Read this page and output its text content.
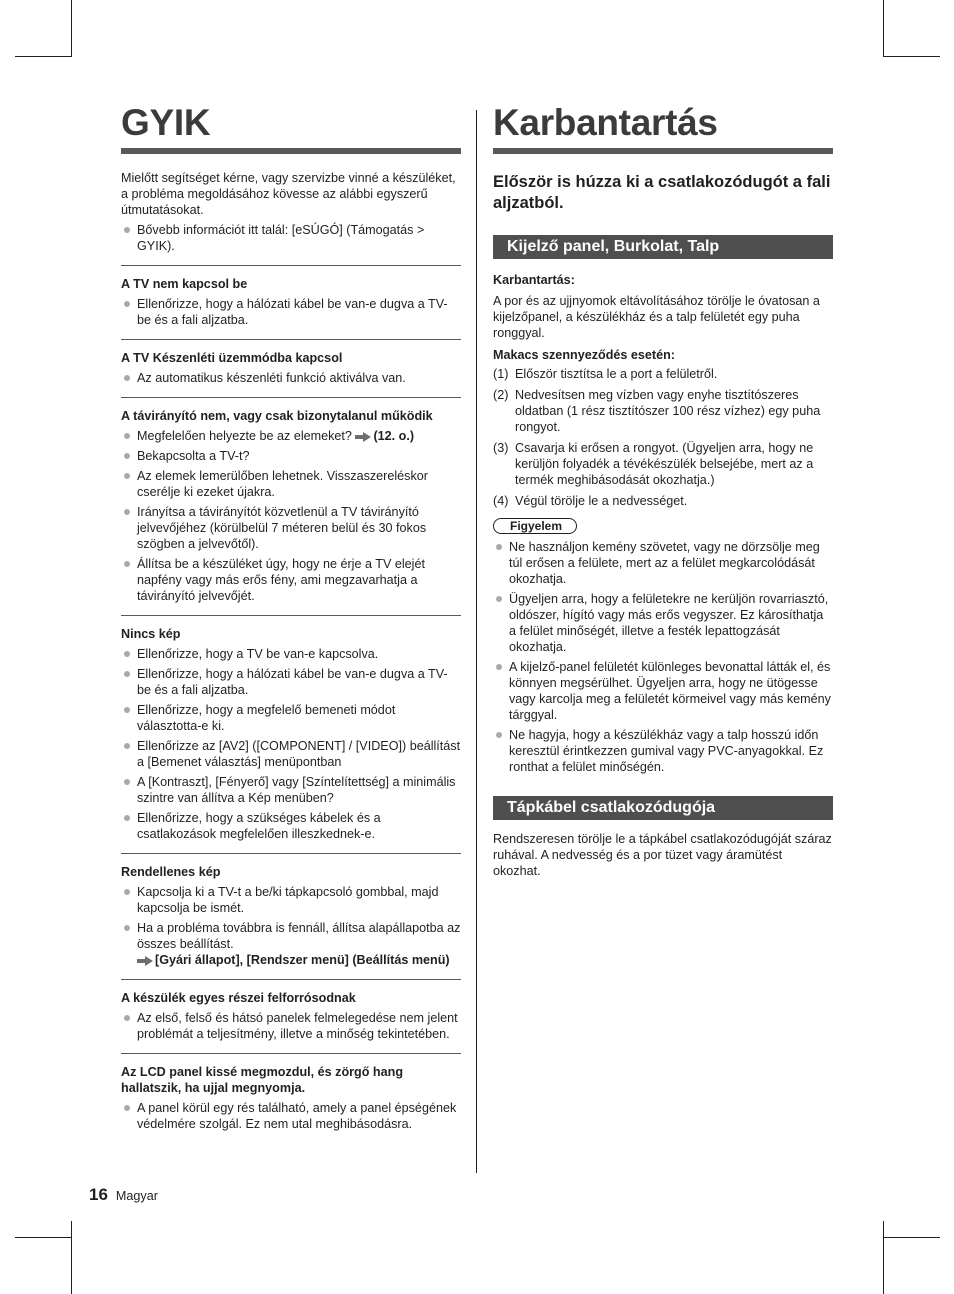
GYIK

Mielőtt segítséget kérne, vagy szervizbe vinné a készüléket, a probléma megoldásához kövesse az alábbi egyszerű útmutatásokat.

Bővebb információt itt talál: [eSÚGÓ] (Támogatás > GYIK).
A TV nem kapcsol be
Ellenőrizze, hogy a hálózati kábel be van-e dugva a TV-be és a fali aljzatba.
A TV Készenléti üzemmódba kapcsol
Az automatikus készenléti funkció aktiválva van.
A távirányító nem, vagy csak bizonytalanul működik
Megfelelően helyezte be az elemeket? (12. o.)
Bekapcsolta a TV-t?
Az elemek lemerülőben lehetnek. Visszaszereléskor cserélje ki ezeket újakra.
Irányítsa a távirányítót közvetlenül a TV távirányító jelvevőjéhez (körülbelül 7 méteren belül és 30 fokos szögben a jelvevőtől).
Állítsa be a készüléket úgy, hogy ne érje a TV elejét napfény vagy más erős fény, ami megzavarhatja a távirányító jelvevőjét.
Nincs kép
Ellenőrizze, hogy a TV be van-e kapcsolva.
Ellenőrizze, hogy a hálózati kábel be van-e dugva a TV-be és a fali aljzatba.
Ellenőrizze, hogy a megfelelő bemeneti módot választotta-e ki.
Ellenőrizze az [AV2] ([COMPONENT] / [VIDEO]) beállítást a [Bemenet választás] menüpontban
A [Kontraszt], [Fényerő] vagy [Színtelítettség] a minimális szintre van állítva a Kép menüben?
Ellenőrizze, hogy a szükséges kábelek és a csatlakozások megfelelően illeszkednek-e.
Rendellenes kép
Kapcsolja ki a TV-t a be/ki tápkapcsoló gombbal, majd kapcsolja be ismét.
Ha a probléma továbbra is fennáll, állítsa alapállapotba az összes beállítást.
[Gyári állapot], [Rendszer menü] (Beállítás menü)
A készülék egyes részei felforrósodnak
Az első, felső és hátsó panelek felmelegedése nem jelent problémát a teljesítmény, illetve a minőség tekintetében.
Az LCD panel kissé megmozdul, és zörgő hang hallatszik, ha ujjal megnyomja.
A panel körül egy rés található, amely a panel épségének védelmére szolgál. Ez nem utal meghibásodásra.
Karbantartás

Először is húzza ki a csatlakozódugót a fali aljzatból.

Kijelző panel, Burkolat, Talp
Karbantartás:

A por és az ujjnyomok eltávolításához törölje le óvatosan a kijelzőpanel, a készülékház és a talp felületét egy puha ronggyal.

Makacs szennyeződés esetén:
(1) Először tisztítsa le a port a felületről.
(2) Nedvesítsen meg vízben vagy enyhe tisztítószeres oldatban (1 rész tisztítószer 100 rész vízhez) egy puha rongyot.
(3) Csavarja ki erősen a rongyot. (Ügyeljen arra, hogy ne kerüljön folyadék a tévékészülék belsejébe, mert az a termék meghibásodását okozhatja.)
(4) Végül törölje le a nedvességet.
Figyelem
Ne használjon kemény szövetet, vagy ne dörzsölje meg túl erősen a felülete, mert az a felület megkarcolódását okozhatja.
Ügyeljen arra, hogy a felületekre ne kerüljön rovarriasztó, oldószer, hígító vagy más erős vegyszer. Ez károsíthatja a felület minőségét, illetve a festék lepattogzását okozhatja.
A kijelző-panel felületét különleges bevonattal látták el, és könnyen megsérülhet. Ügyeljen arra, hogy ne ütögesse vagy karcolja meg a felületét körmeivel vagy más kemény tárggyal.
Ne hagyja, hogy a készülékház vagy a talp hosszú időn keresztül érintkezzen gumival vagy PVC-anyagokkal. Ez ronthat a felület minőségén.
Tápkábel csatlakozódugója

Rendszeresen törölje le a tápkábel csatlakozódugóját száraz ruhával. A nedvesség és a por tüzet vagy áramütést okozhat.

16 Magyar
